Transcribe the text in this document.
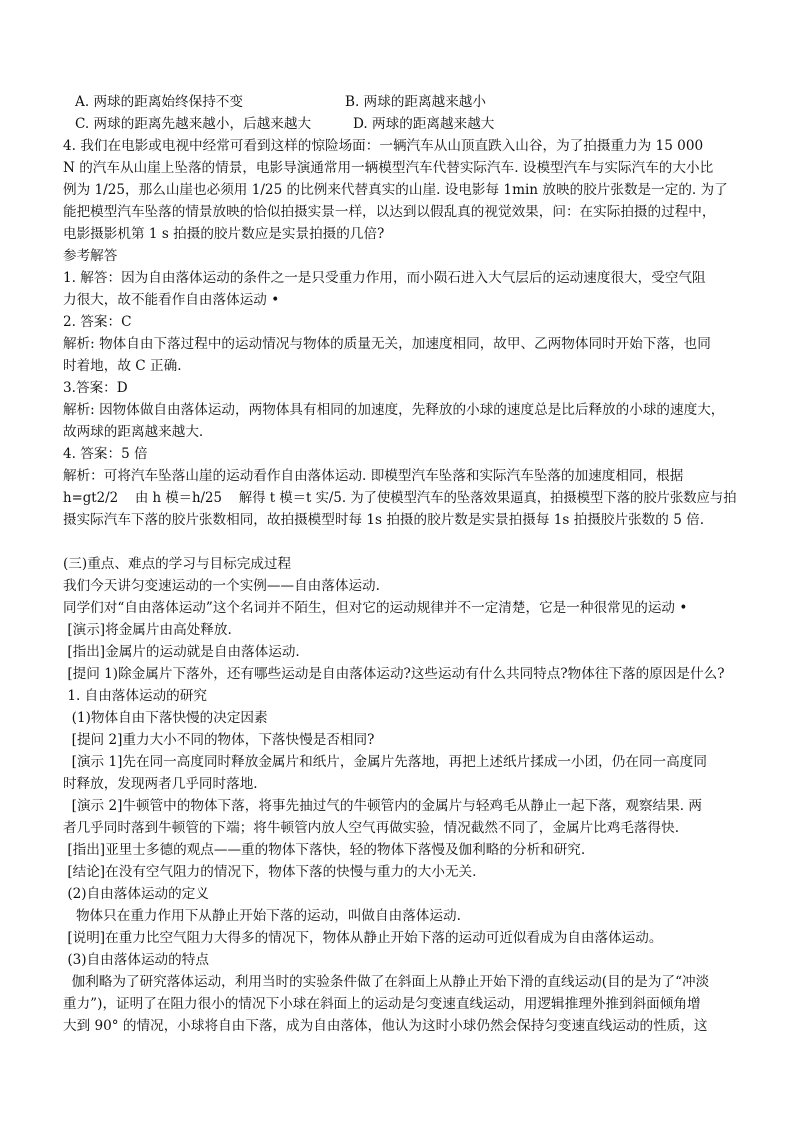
A. 两球的距离始终保持不变	B. 两球的距离越来越小
C. 两球的距离先越来越小，后越来越大	D. 两球的距离越来越大
4. 我们在电影或电视中经常可看到这样的惊险场面：一辆汽车从山顶直跌入山谷，为了拍摄重力为 15 000
N 的汽车从山崖上坠落的情景，电影导演通常用一辆模型汽车代替实际汽车. 设模型汽车与实际汽车的大小比
例为 1/25，那么山崖也必须用 1/25 的比例来代替真实的山崖. 设电影每 1min 放映的胶片张数是一定的. 为了
能把模型汽车坠落的情景放映的恰似拍摄实景一样，以达到以假乱真的视觉效果，问：在实际拍摄的过程中，
电影摄影机第 1 s 拍摄的胶片数应是实景拍摄的几倍?
参考解答
1. 解答：因为自由落体运动的条件之一是只受重力作用，而小陨石进入大气层后的运动速度很大，受空气阻
力很大，故不能看作自由落体运动 •
2. 答案：C
解析: 物体自由下落过程中的运动情况与物体的质量无关，加速度相同，故甲、乙两物体同时开始下落，也同
时着地，故 C 正确.
3.答案：D
解析: 因物体做自由落体运动，两物体具有相同的加速度，先释放的小球的速度总是比后释放的小球的速度大，
故两球的距离越来越大.
4. 答案：5 倍
解析：可将汽车坠落山崖的运动看作自由落体运动. 即模型汽车坠落和实际汽车坠落的加速度相同，根据
h=gt2/2    由 h 模＝h/25    解得 t 模＝t 实/5. 为了使模型汽车的坠落效果逼真，拍摄模型下落的胶片张数应与拍
摄实际汽车下落的胶片张数相同，故拍摄模型时每 1s 拍摄的胶片数是实景拍摄每 1s 拍摄胶片张数的 5 倍.
(三)重点、难点的学习与目标完成过程
我们今天讲匀变速运动的一个实例——自由落体运动.
同学们对“自由落体运动”这个名词并不陌生，但对它的运动规律并不一定清楚，它是一种很常见的运动 •
[演示]将金属片由高处释放.
[指出]金属片的运动就是自由落体运动.
[提问 1)除金属片下落外，还有哪些运动是自由落体运动?这些运动有什么共同特点?物体往下落的原因是什么?
1. 自由落体运动的研究
(1)物体自由下落快慢的决定因素
[提问 2]重力大小不同的物体，下落快慢是否相同?
[演示 1]先在同一高度同时释放金属片和纸片，金属片先落地，再把上述纸片揉成一小团，仍在同一高度同
时释放，发现两者几乎同时落地.
[演示 2]牛顿管中的物体下落，将事先抽过气的牛顿管内的金属片与轻鸡毛从静止一起下落，观察结果. 两
者几乎同时落到牛顿管的下端；将牛顿管内放人空气再做实验，情况截然不同了，金属片比鸡毛落得快.
[指出]亚里士多德的观点——重的物体下落快，轻的物体下落慢及伽利略的分析和研究.
[结论]在没有空气阻力的情况下，物体下落的快慢与重力的大小无关.
(2)自由落体运动的定义
物体只在重力作用下从静止开始下落的运动，叫做自由落体运动.
[说明]在重力比空气阻力大得多的情况下，物体从静止开始下落的运动可近似看成为自由落体运动。
(3)自由落体运动的特点
伽利略为了研究落体运动，利用当时的实验条件做了在斜面上从静止开始下滑的直线运动(目的是为了“冲淡
重力”)，证明了在阻力很小的情况下小球在斜面上的运动是匀变速直线运动，用逻辑推理外推到斜面倾角增
大到 90° 的情况，小球将自由下落，成为自由落体，他认为这时小球仍然会保持匀变速直线运动的性质，这
